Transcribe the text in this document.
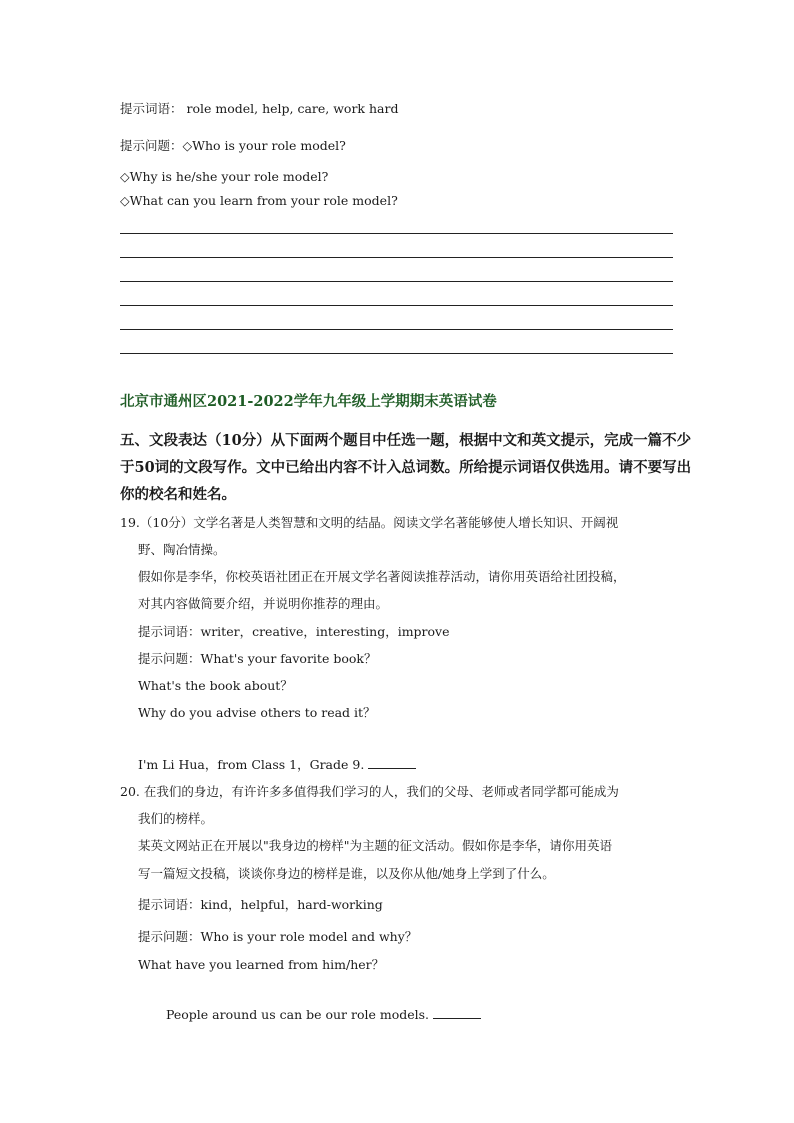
提示词语： role model, help, care, work hard
提示问题：◇Who is your role model?
◇Why is he/she your role model?
◇What can you learn from your role model?
北京市通州区2021-2022学年九年级上学期期末英语试卷
五、文段表达（10分）从下面两个题目中任选一题，根据中文和英文提示，完成一篇不少
于50词的文段写作。文中已给出内容不计入总词数。所给提示词语仅供选用。请不要写出
你的校名和姓名。
19.（10分）文学名著是人类智慧和文明的结晶。阅读文学名著能够使人增长知识、开阔视
野、陶冶情操。
假如你是李华，你校英语社团正在开展文学名著阅读推荐活动，请你用英语给社团投稿，
对其内容做简要介绍，并说明你推荐的理由。
提示词语：writer，creative，interesting，improve
提示问题：What's your favorite book？
What's the book about？
Why do you advise others to read it？
I'm Li Hua，from Class 1，Grade 9.
20. 在我们的身边，有许许多多值得我们学习的人，我们的父母、老师或者同学都可能成为
我们的榜样。
某英文网站正在开展以"我身边的榜样"为主题的征文活动。假如你是李华，请你用英语
写一篇短文投稿，谈谈你身边的榜样是谁，以及你从他/她身上学到了什么。
提示词语：kind，helpful，hard-working
提示问题：Who is your role model and why？
What have you learned from him/her？
People around us can be our role models.
